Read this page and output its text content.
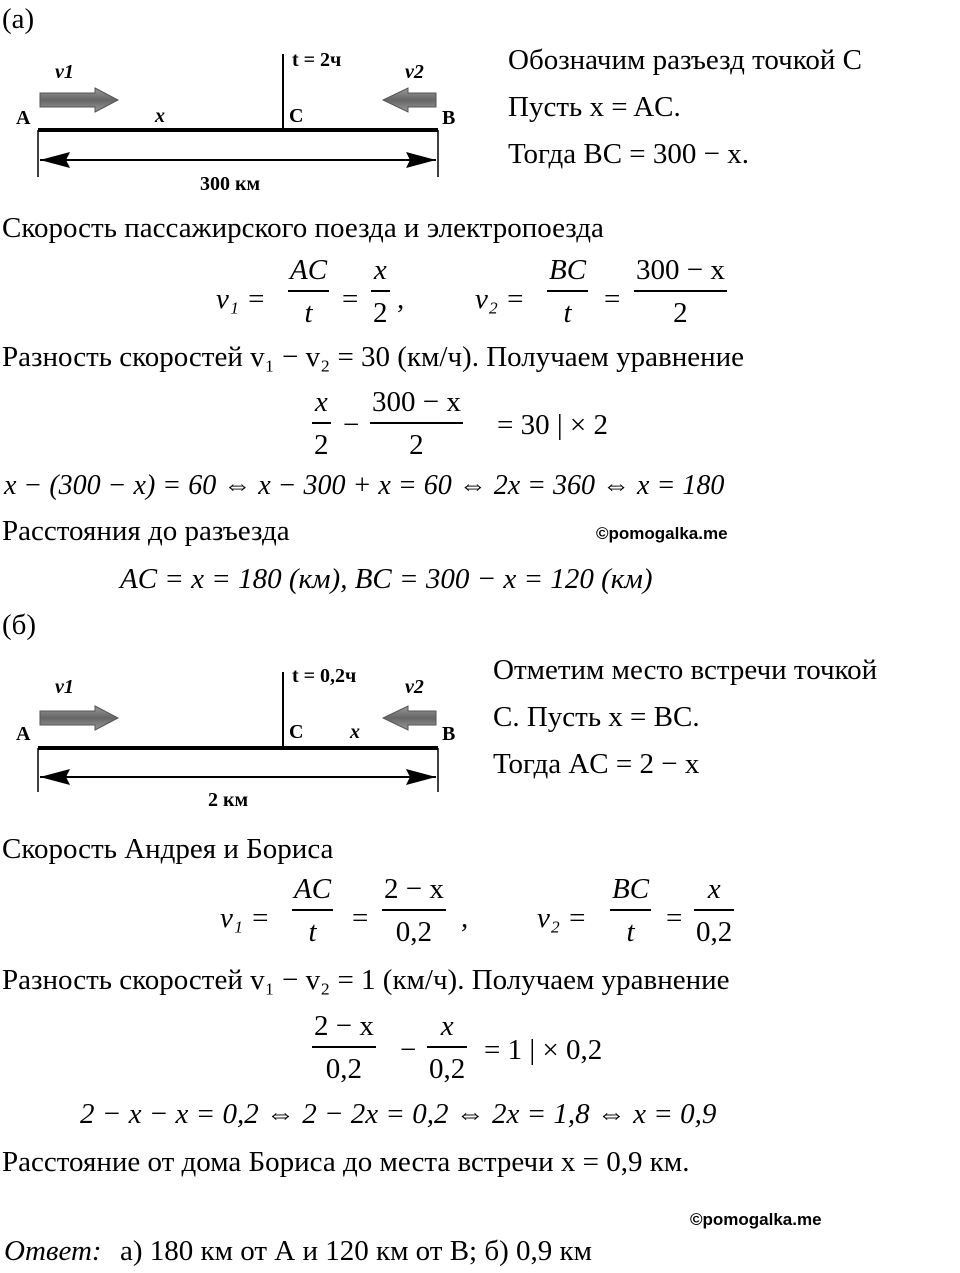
(а)
v1	v2
t = 2ч
A	B
C
x
300 км
Обозначим разъезд точкой C
Пусть x = AC.
Тогда BC = 300 − x.
Скорость пассажирского поезда и электропоезда
v₁ =
AC
t =
x
2 , v₂ =
BC
t =
300 − x
2
Разность скоростей v₁ − v₂ = 30 (км/ч). Получаем уравнение
x
2
−
300 − x
2
= 30 | × 2
x − (300 − x) = 60 ⇔ x − 300 + x = 60 ⇔ 2x = 360 ⇔ x = 180
Расстояния до разъезда	©pomogalka.me
AC = x = 180 (км), BC = 300 − x = 120 (км)
(б)
v1	v2
t = 0,2ч
A	B
C x
2 км
Отметим место встречи точкой
C. Пусть x = BC.
Тогда AC = 2 − x
Скорость Андрея и Бориса
v₁ =
AC
t =
2 − x
0,2 , v₂ =
BC
t =
x
0,2
Разность скоростей v₁ − v₂ = 1 (км/ч). Получаем уравнение
2 − x
0,2
−
x
0,2
= 1 | × 0,2
2 − x − x = 0,2 ⇔ 2 − 2x = 0,2 ⇔ 2x = 1,8 ⇔ x = 0,9
Расстояние от дома Бориса до места встречи x = 0,9 км.
©pomogalka.me
Ответ: а) 180 км от А и 120 км от В; б) 0,9 км
